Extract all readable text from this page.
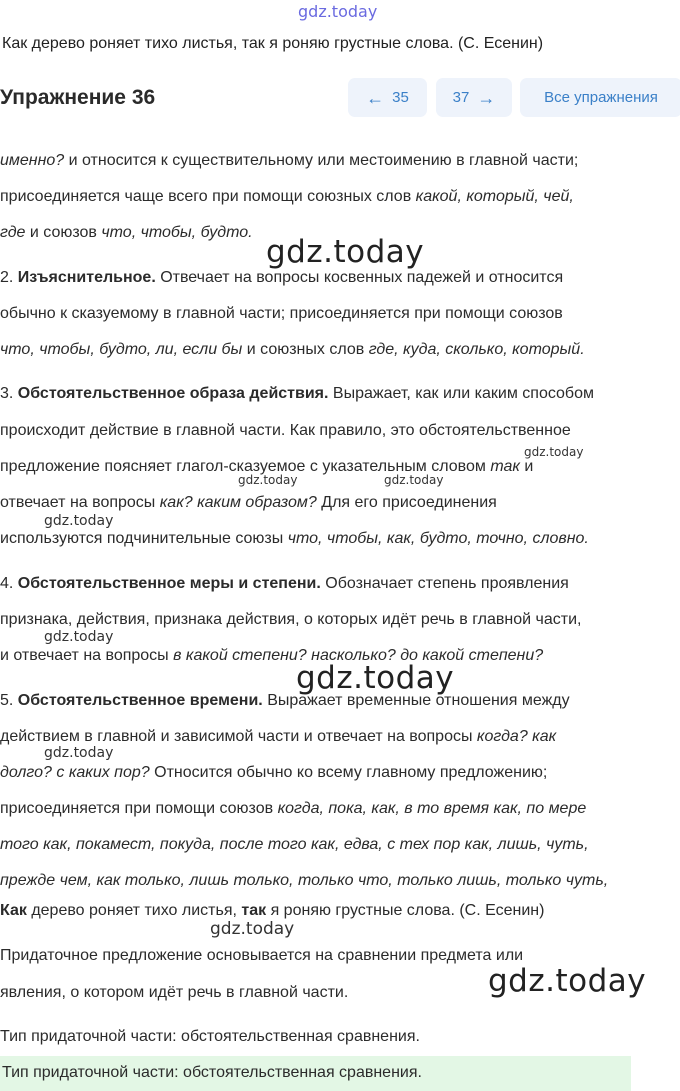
gdz.today
Как дерево роняет тихо листья, так я роняю грустные слова. (С. Есенин)
Упражнение 36	← 35	37 →	Все упражнения
именно? и относится к существительному или местоимению в главной части;
присоединяется чаще всего при помощи союзных слов какой, который, чей,
где и союзов что, чтобы, будто.
2. Изъяснительное. Отвечает на вопросы косвенных падежей и относится
обычно к сказуемому в главной части; присоединяется при помощи союзов
что, чтобы, будто, ли, если бы и союзных слов где, куда, сколько, который.
3. Обстоятельственное образа действия. Выражает, как или каким способом
происходит действие в главной части. Как правило, это обстоятельственное
предложение поясняет глагол-сказуемое с указательным словом так и
отвечает на вопросы как? каким образом? Для его присоединения
используются подчинительные союзы что, чтобы, как, будто, точно, словно.
4. Обстоятельственное меры и степени. Обозначает степень проявления
признака, действия, признака действия, о которых идёт речь в главной части,
и отвечает на вопросы в какой степени? насколько? до какой степени?
5. Обстоятельственное времени. Выражает временные отношения между
действием в главной и зависимой части и отвечает на вопросы когда? как
долго? с каких пор? Относится обычно ко всему главному предложению;
присоединяется при помощи союзов когда, пока, как, в то время как, по мере
того как, покамест, покуда, после того как, едва, с тех пор как, лишь, чуть,
прежде чем, как только, лишь только, только что, только лишь, только чуть,
Как дерево роняет тихо листья, так я роняю грустные слова. (С. Есенин)
Придаточное предложение основывается на сравнении предмета или
явления, о котором идёт речь в главной части.
Тип придаточной части: обстоятельственная сравнения.
Тип придаточной части: обстоятельственная сравнения.
gdz.today
gdz.today
gdz.today	gdz.today
gdz.today
gdz.today
gdz.today
gdz.today
gdz.today
gdz.today
